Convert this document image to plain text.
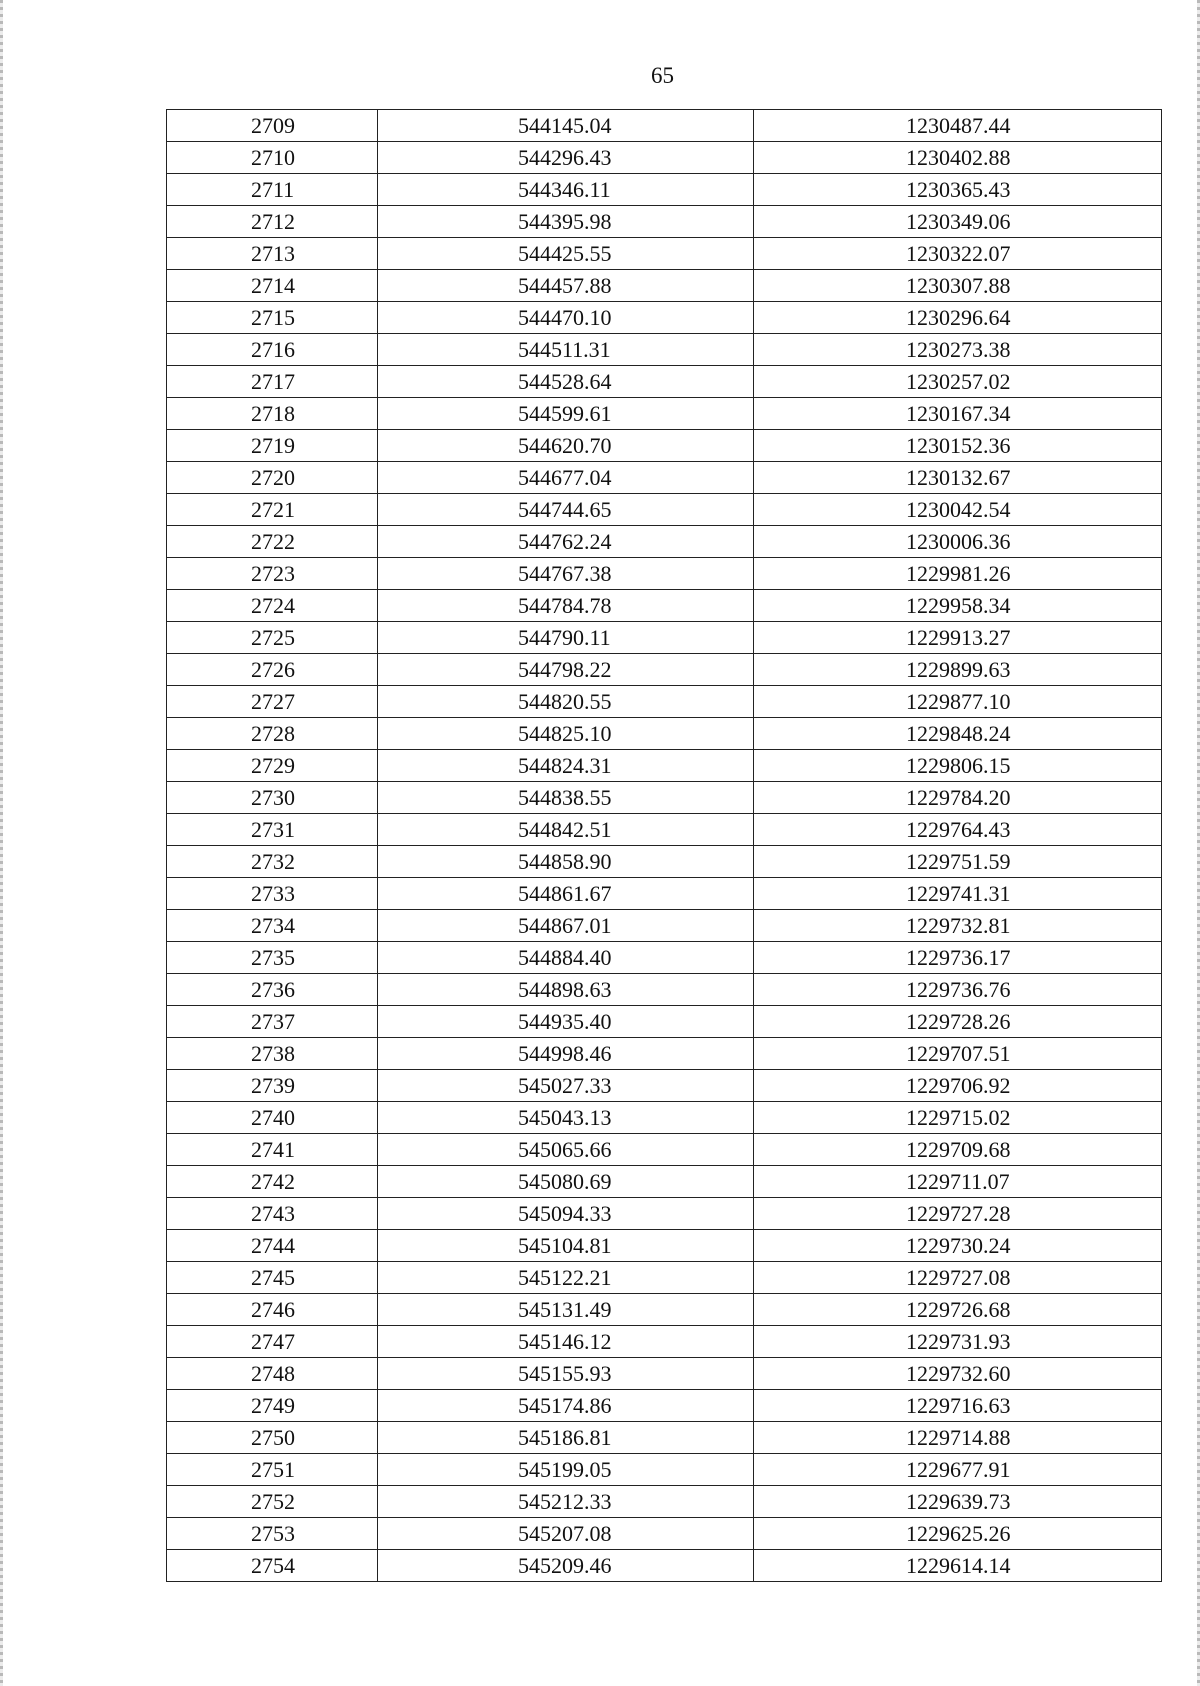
65
2709	544145.04	1230487.44
2710	544296.43	1230402.88
2711	544346.11	1230365.43
2712	544395.98	1230349.06
2713	544425.55	1230322.07
2714	544457.88	1230307.88
2715	544470.10	1230296.64
2716	544511.31	1230273.38
2717	544528.64	1230257.02
2718	544599.61	1230167.34
2719	544620.70	1230152.36
2720	544677.04	1230132.67
2721	544744.65	1230042.54
2722	544762.24	1230006.36
2723	544767.38	1229981.26
2724	544784.78	1229958.34
2725	544790.11	1229913.27
2726	544798.22	1229899.63
2727	544820.55	1229877.10
2728	544825.10	1229848.24
2729	544824.31	1229806.15
2730	544838.55	1229784.20
2731	544842.51	1229764.43
2732	544858.90	1229751.59
2733	544861.67	1229741.31
2734	544867.01	1229732.81
2735	544884.40	1229736.17
2736	544898.63	1229736.76
2737	544935.40	1229728.26
2738	544998.46	1229707.51
2739	545027.33	1229706.92
2740	545043.13	1229715.02
2741	545065.66	1229709.68
2742	545080.69	1229711.07
2743	545094.33	1229727.28
2744	545104.81	1229730.24
2745	545122.21	1229727.08
2746	545131.49	1229726.68
2747	545146.12	1229731.93
2748	545155.93	1229732.60
2749	545174.86	1229716.63
2750	545186.81	1229714.88
2751	545199.05	1229677.91
2752	545212.33	1229639.73
2753	545207.08	1229625.26
2754	545209.46	1229614.14
